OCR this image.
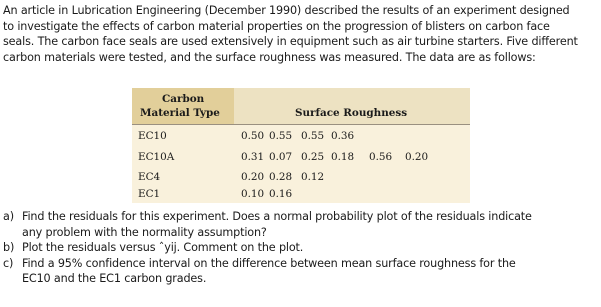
An article in Lubrication Engineering (December 1990) described the results of an experiment designed
to investigate the effects of carbon material properties on the progression of blisters on carbon face
seals. The carbon face seals are used extensively in equipment such as air turbine starters. Five different
carbon materials were tested, and the surface roughness was measured. The data are as follows:
Carbon
Material Type	Surface Roughness
EC10	0.50 0.55 0.55 0.36
EC10A	0.31 0.07 0.25 0.18 0.56 0.20
EC4	0.20 0.28 0.12
EC1	0.10 0.16
a) Find the residuals for this experiment. Does a normal probability plot of the residuals indicate
any problem with the normality assumption?
b) Plot the residuals versus ˆyij. Comment on the plot.
c) Find a 95% confidence interval on the difference between mean surface roughness for the
EC10 and the EC1 carbon grades.
